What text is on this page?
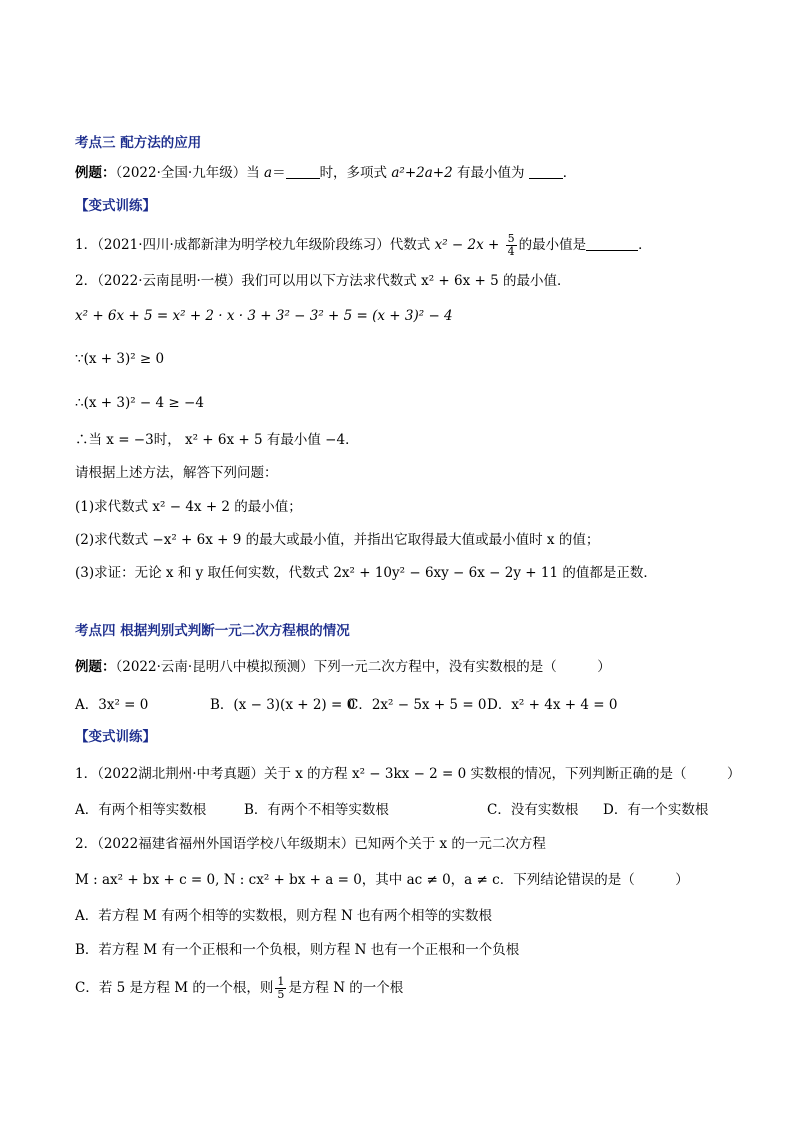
考点三 配方法的应用
例题：（2022·全国·九年级）当 a＝	时，多项式 a²+2a+2 有最小值为	．
【变式训练】
1．（2021·四川·成都新津为明学校九年级阶段练习）代数式 $x^2 - 2x + \frac{5}{4}$ 的最小值是	．
2．（2022·云南昆明·一模）我们可以用以下方法求代数式 x² + 6x + 5 的最小值．
x² + 6x + 5 = x² + 2 · x · 3 + 3² − 3² + 5 = (x + 3)² − 4
∵(x + 3)² ≥ 0
∴(x + 3)² − 4 ≥ −4
∴当 x = −3时， x² + 6x + 5 有最小值 −4．
请根据上述方法，解答下列问题：
(1)求代数式 x² − 4x + 2 的最小值；
(2)求代数式 −x² + 6x + 9 的最大或最小值，并指出它取得最大值或最小值时 x 的值；
(3)求证：无论 x 和 y 取任何实数，代数式 2x² + 10y² − 6xy − 6x − 2y + 11 的值都是正数．
考点四 根据判别式判断一元二次方程根的情况
例题：（2022·云南·昆明八中模拟预测）下列一元二次方程中，没有实数根的是（　　　）
A．3x² = 0	B．(x − 3)(x + 2) = 0
C．2x² − 5x + 5 = 0 D．x² + 4x + 4 = 0
【变式训练】
1．（2022湖北荆州·中考真题）关于 x 的方程 x² − 3kx − 2 = 0 实数根的情况，下列判断正确的是（　　　）
A．有两个相等实数根	B．有两个不相等实数根	C．没有实数根 D．有一个实数根
2．（2022福建省福州外国语学校八年级期末）已知两个关于 x 的一元二次方程
M : ax² + bx + c = 0, N : cx² + bx + a = 0，其中 ac ≠ 0，a ≠ c．下列结论错误的是（　　　）
A．若方程 M 有两个相等的实数根，则方程 N 也有两个相等的实数根
B．若方程 M 有一个正根和一个负根，则方程 N 也有一个正根和一个负根
C．若 5 是方程 M 的一个根，则 $\frac{1}{5}$ 是方程 N 的一个根
